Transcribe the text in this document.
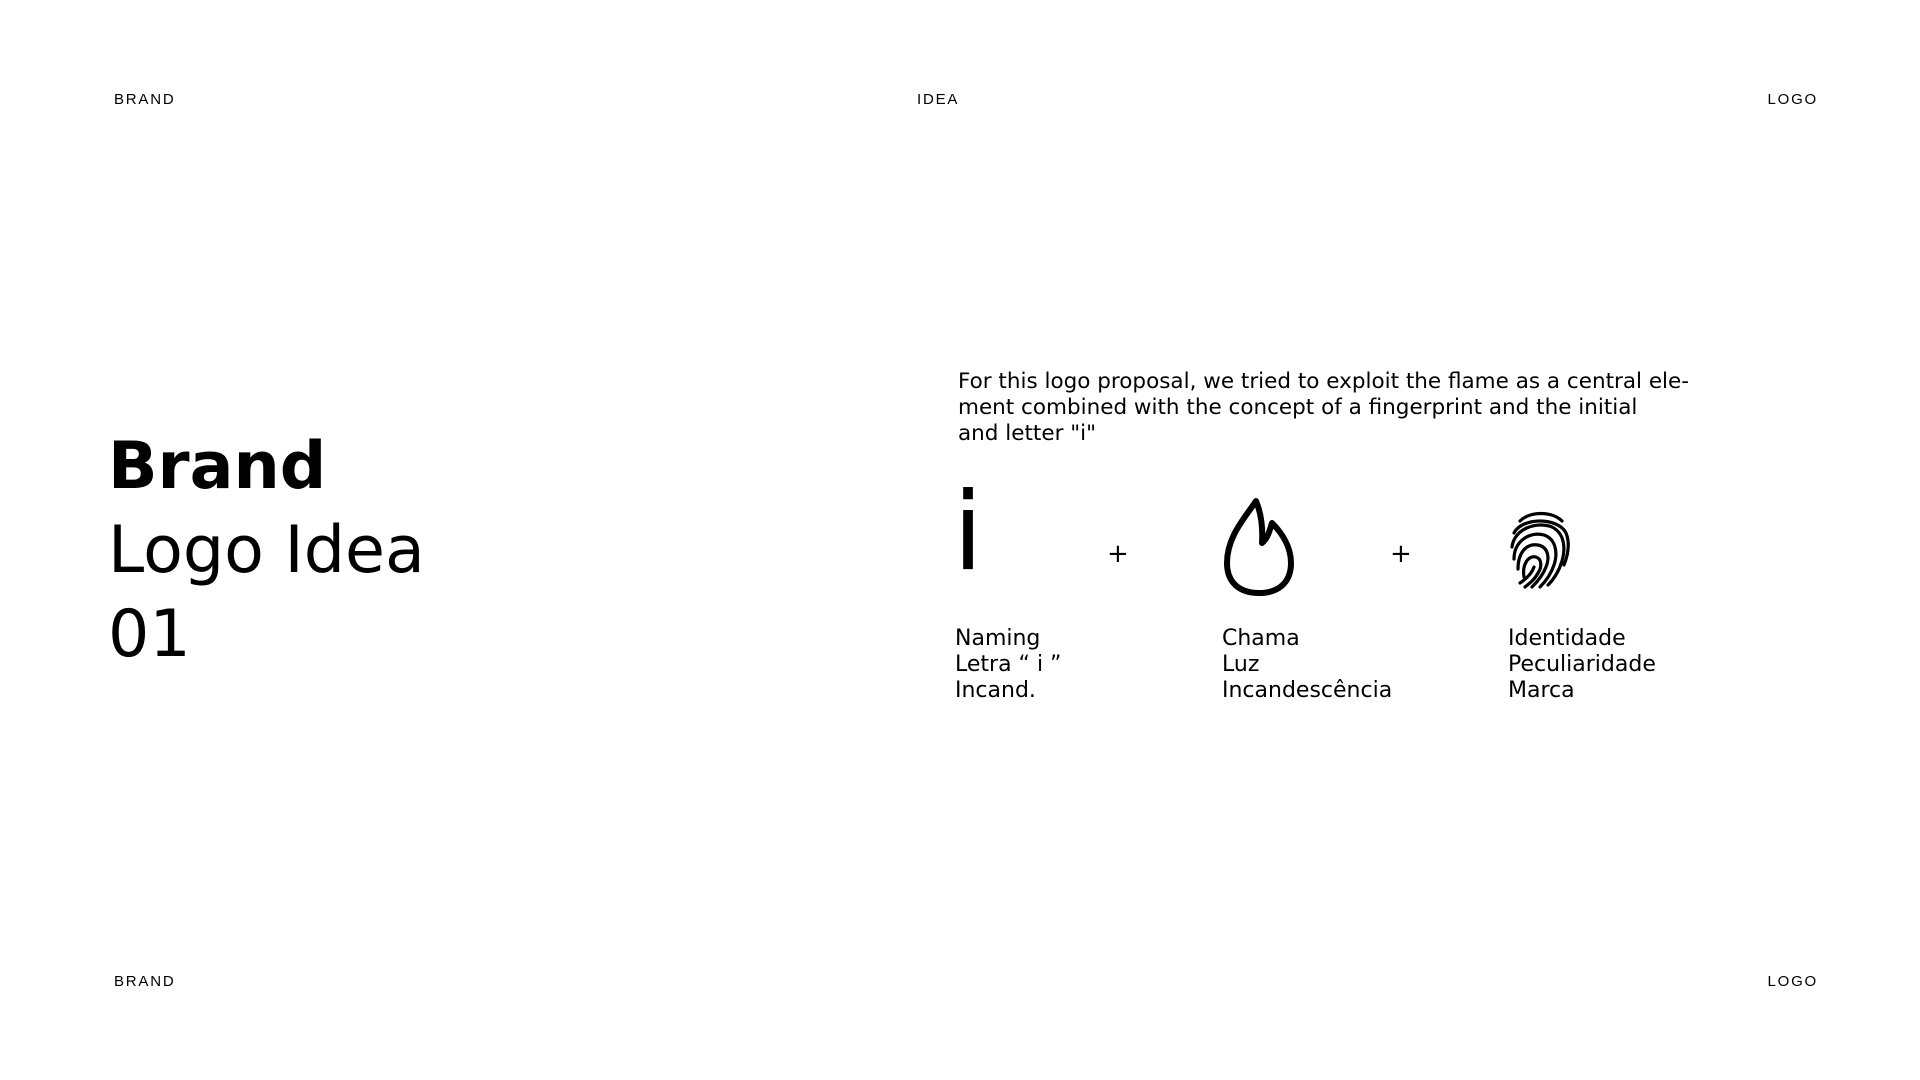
BRAND	IDEA	LOGO
Brand
Logo Idea
01
For this logo proposal, we tried to exploit the flame as a central ele-
ment combined with the concept of a fingerprint and the initial
and letter "i"
i
Naming
Letra “ i ”
Incand.
+
Chama
Luz
Incandescência
+
Identidade
Peculiaridade
Marca
BRAND	LOGO
